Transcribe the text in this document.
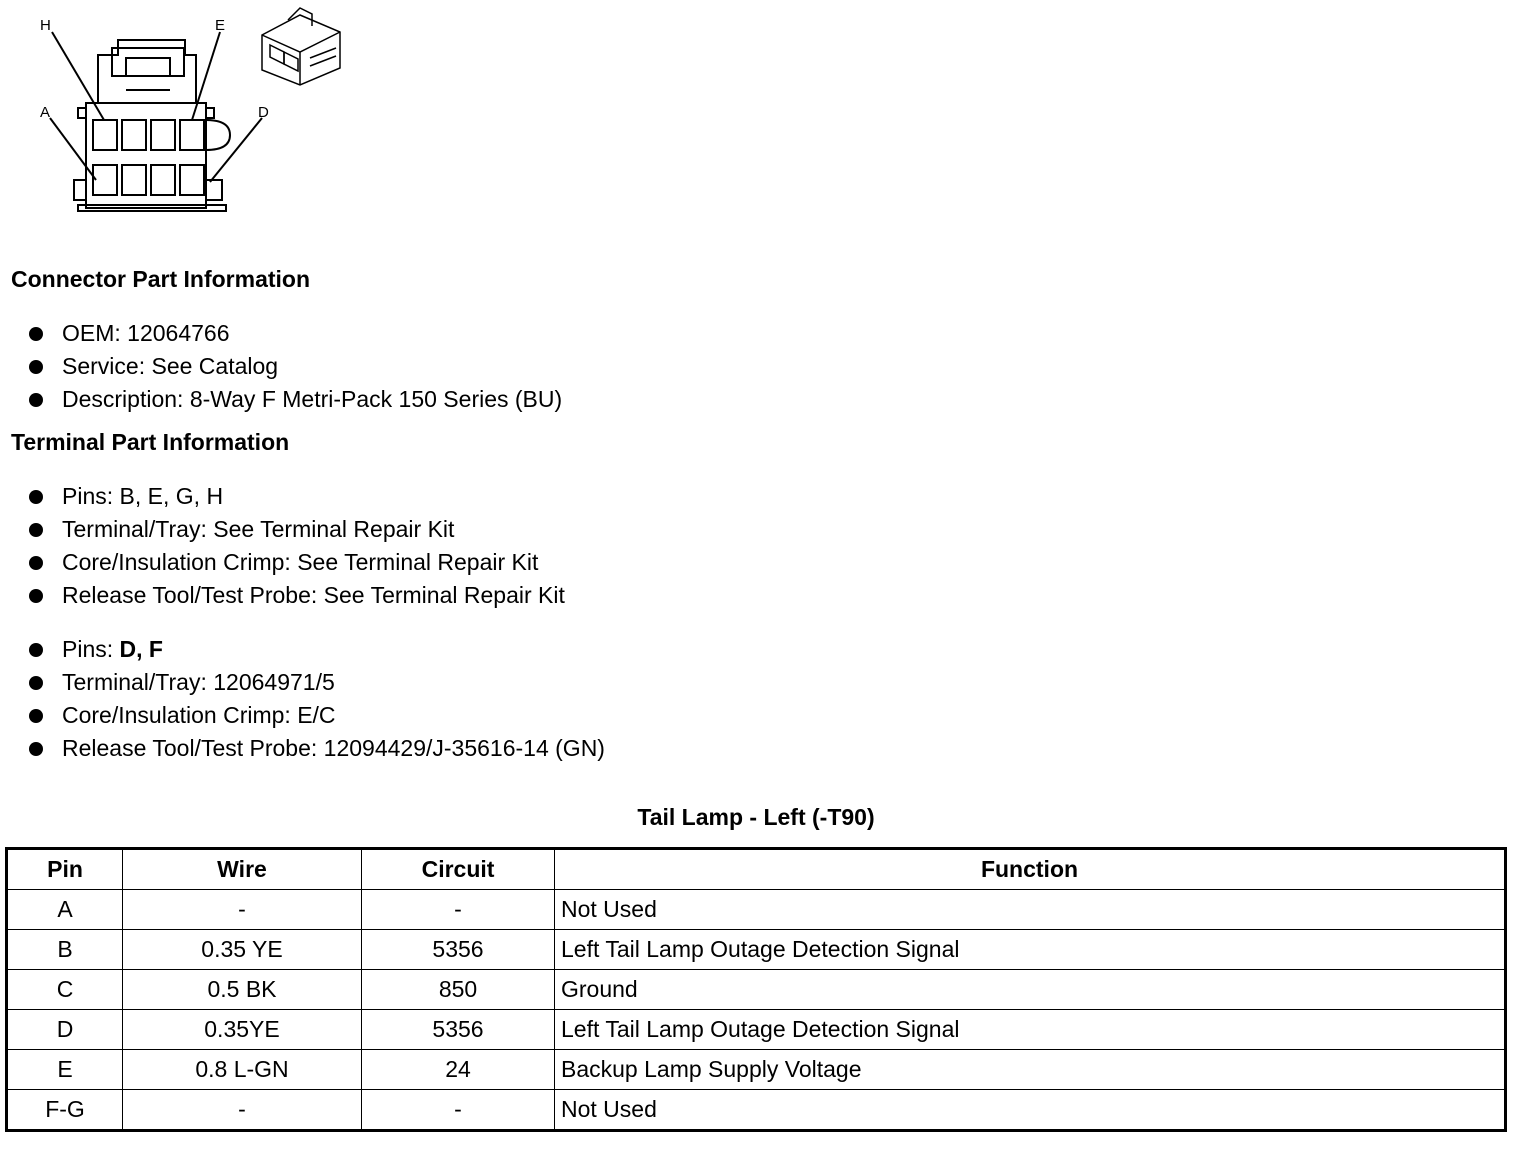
H	E
A	D
Connector Part Information
OEM: 12064766
Service: See Catalog
Description: 8-Way F Metri-Pack 150 Series (BU)
Terminal Part Information
Pins: B, E, G, H
Terminal/Tray: See Terminal Repair Kit
Core/Insulation Crimp: See Terminal Repair Kit
Release Tool/Test Probe: See Terminal Repair Kit
Pins: D, F
Terminal/Tray: 12064971/5
Core/Insulation Crimp: E/C
Release Tool/Test Probe: 12094429/J-35616-14 (GN)
Tail Lamp - Left (-T90)
Pin	Wire	Circuit	Function
A	-	-	Not Used
B	0.35 YE	5356	Left Tail Lamp Outage Detection Signal
C	0.5 BK	850	Ground
D	0.35YE	5356	Left Tail Lamp Outage Detection Signal
E	0.8 L-GN	24	Backup Lamp Supply Voltage
F-G	-	-	Not Used
